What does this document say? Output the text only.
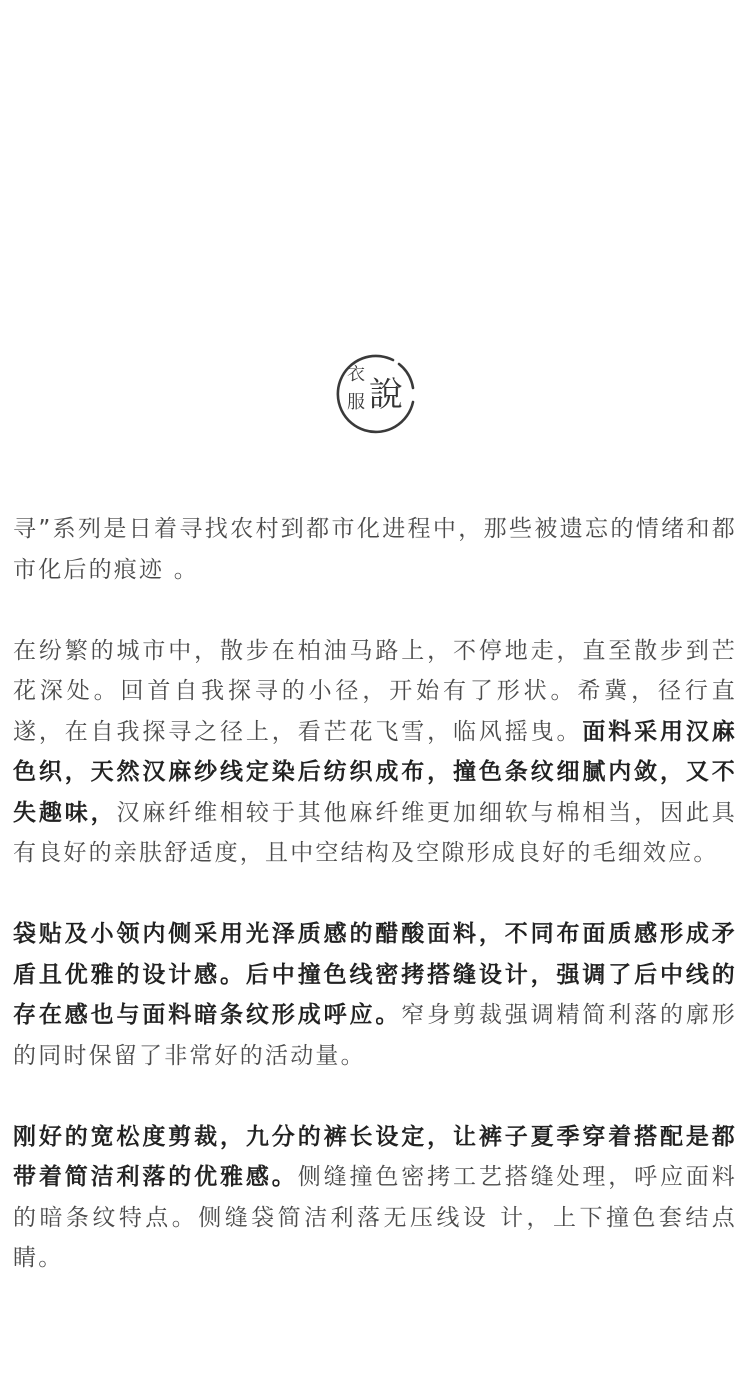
衣
服 說

寻”系列是日着寻找农村到都市化进程中，那些被遗忘的情绪和都市化后的痕迹 。

在纷繁的城市中，散步在柏油马路上，不停地走，直至散步到芒花深处。回首自我探寻的小径，开始有了形状。希冀，径行直遂，在自我探寻之径上，看芒花飞雪，临风摇曳。面料采用汉麻色织，天然汉麻纱线定染后纺织成布，撞色条纹细腻内敛，又不失趣味，汉麻纤维相较于其他麻纤维更加细软与棉相当，因此具有良好的亲肤舒适度，且中空结构及空隙形成良好的毛细效应。

袋贴及小领内侧采用光泽质感的醋酸面料，不同布面质感形成矛盾且优雅的设计感。后中撞色线密拷搭缝设计，强调了后中线的存在感也与面料暗条纹形成呼应。窄身剪裁强调精简利落的廓形的同时保留了非常好的活动量。

刚好的宽松度剪裁，九分的裤长设定，让裤子夏季穿着搭配是都带着简洁利落的优雅感。侧缝撞色密拷工艺搭缝处理，呼应面料的暗条纹特点。侧缝袋简洁利落无压线设 计，上下撞色套结点睛。
